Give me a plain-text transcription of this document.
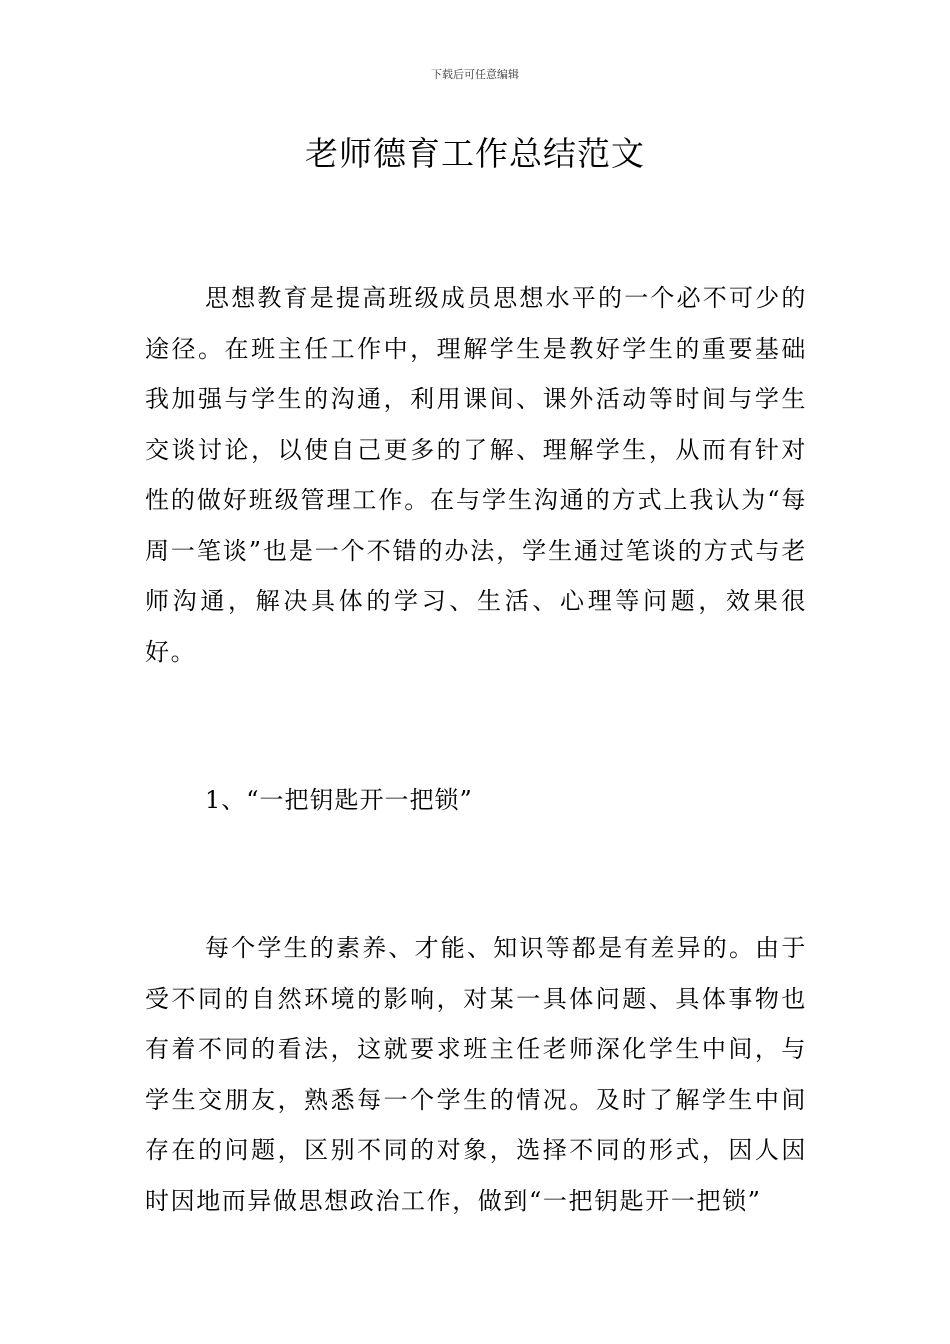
下载后可任意编辑
老师德育工作总结范文

思想教育是提高班级成员思想水平的一个必不可少的途径。在班主任工作中，理解学生是教好学生的重要基础我加强与学生的沟通，利用课间、课外活动等时间与学生交谈讨论，以使自己更多的了解、理解学生，从而有针对性的做好班级管理工作。在与学生沟通的方式上我认为“每周一笔谈”也是一个不错的办法，学生通过笔谈的方式与老师沟通，解决具体的学习、生活、心理等问题，效果很好。

1、“一把钥匙开一把锁”

每个学生的素养、才能、知识等都是有差异的。由于受不同的自然环境的影响，对某一具体问题、具体事物也有着不同的看法，这就要求班主任老师深化学生中间，与学生交朋友，熟悉每一个学生的情况。及时了解学生中间存在的问题，区别不同的对象，选择不同的形式，因人因时因地而异做思想政治工作，做到“一把钥匙开一把锁”
